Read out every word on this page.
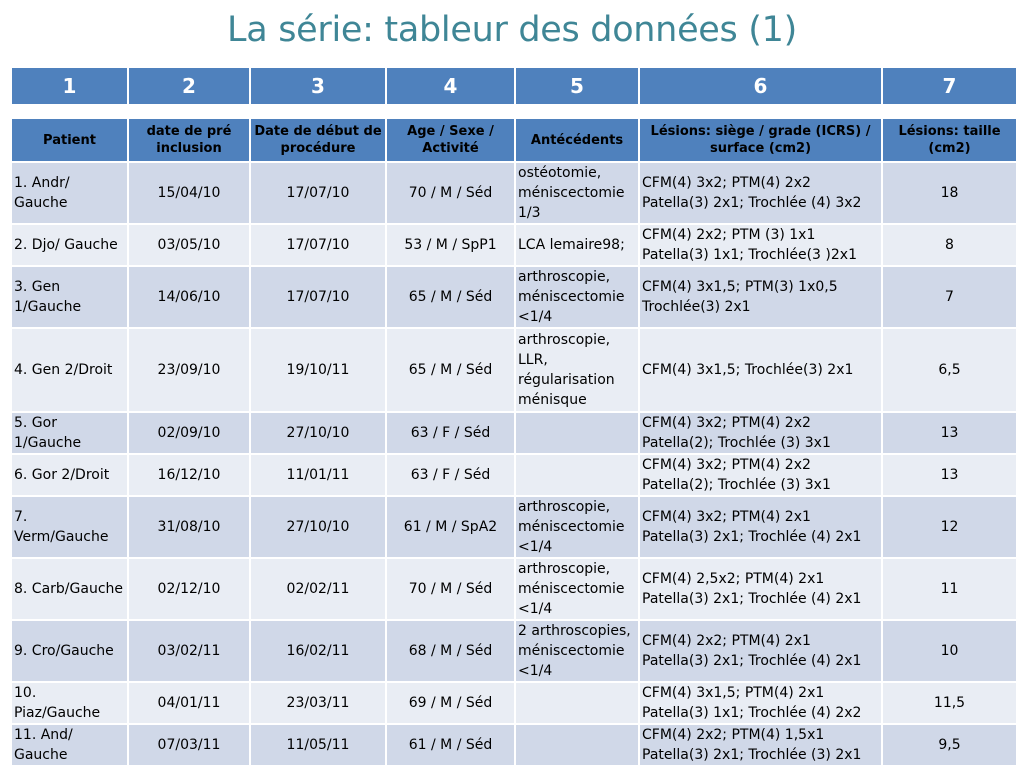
La série: tableur des données (1)
1	2	3	4	5	6	7
Patient	date de pré inclusion	Date de début de procédure	Age / Sexe / Activité	Antécédents	Lésions: siège / grade (ICRS) / surface (cm2)	Lésions: taille (cm2)
1. Andr/ Gauche	15/04/10	17/07/10	70 / M / Séd	ostéotomie, méniscectomie 1/3	CFM(4) 3x2; PTM(4) 2x2 Patella(3) 2x1; Trochlée (4) 3x2	18
2. Djo/ Gauche	03/05/10	17/07/10	53 / M / SpP1	LCA lemaire98;	CFM(4) 2x2; PTM (3) 1x1 Patella(3) 1x1; Trochlée(3 )2x1	8
3. Gen 1/Gauche	14/06/10	17/07/10	65 / M / Séd	arthroscopie, méniscectomie <1/4	CFM(4) 3x1,5; PTM(3) 1x0,5 Trochlée(3) 2x1	7
4. Gen 2/Droit	23/09/10	19/10/11	65 / M / Séd	arthroscopie, LLR, régularisation ménisque	CFM(4) 3x1,5; Trochlée(3) 2x1	6,5
5. Gor 1/Gauche	02/09/10	27/10/10	63 / F / Séd		CFM(4) 3x2; PTM(4) 2x2 Patella(2); Trochlée (3) 3x1	13
6. Gor 2/Droit	16/12/10	11/01/11	63 / F / Séd		CFM(4) 3x2; PTM(4) 2x2 Patella(2); Trochlée (3) 3x1	13
7. Verm/Gauche	31/08/10	27/10/10	61 / M / SpA2	arthroscopie, méniscectomie <1/4	CFM(4) 3x2; PTM(4) 2x1 Patella(3) 2x1; Trochlée (4) 2x1	12
8. Carb/Gauche	02/12/10	02/02/11	70 / M / Séd	arthroscopie, méniscectomie <1/4	CFM(4) 2,5x2; PTM(4) 2x1 Patella(3) 2x1; Trochlée (4) 2x1	11
9. Cro/Gauche	03/02/11	16/02/11	68 / M / Séd	2 arthroscopies, méniscectomie <1/4	CFM(4) 2x2; PTM(4) 2x1 Patella(3) 2x1; Trochlée (4) 2x1	10
10. Piaz/Gauche	04/01/11	23/03/11	69 / M / Séd		CFM(4) 3x1,5; PTM(4) 2x1 Patella(3) 1x1; Trochlée (4) 2x2	11,5
11. And/ Gauche	07/03/11	11/05/11	61 / M / Séd		CFM(4) 2x2; PTM(4) 1,5x1 Patella(3) 2x1; Trochlée (3) 2x1	9,5
